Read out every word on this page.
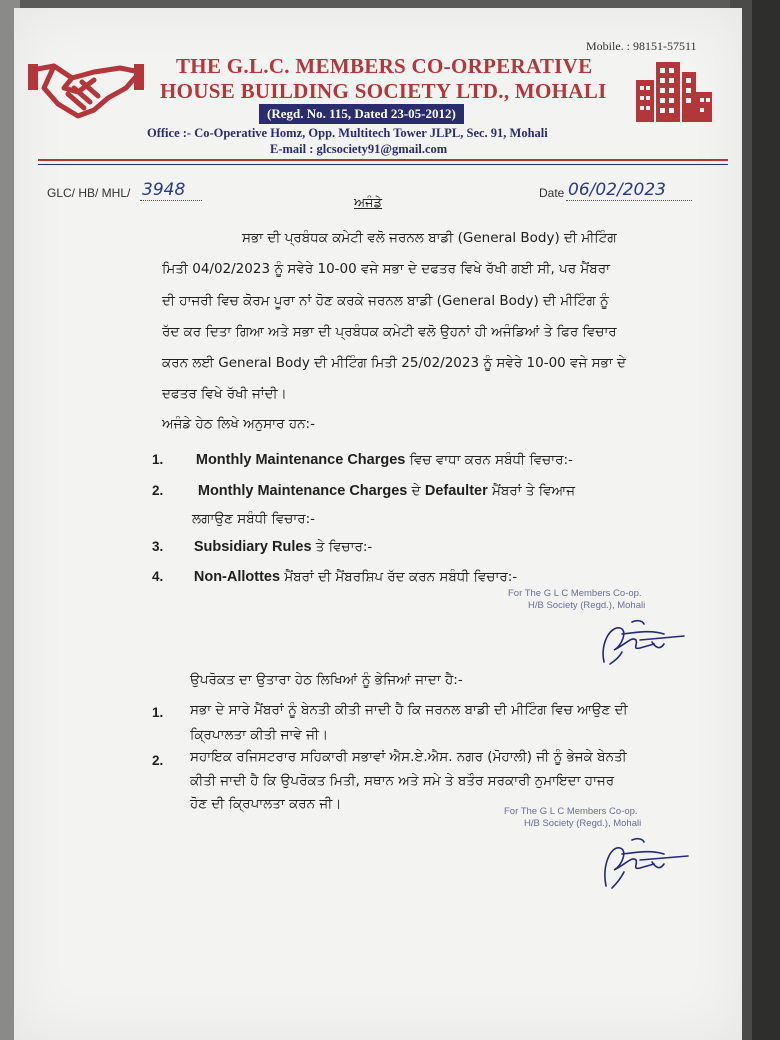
Mobile. : 98151-57511
THE G.L.C. MEMBERS CO-ORPERATIVE
HOUSE BUILDING SOCIETY LTD., MOHALI
(Regd. No. 115, Dated 23-05-2012)
Office :- Co-Operative Homz, Opp. Multitech Tower JLPL, Sec. 91, Mohali
E-mail : glcsociety91@gmail.com
GLC/ HB/ MHL/ 3948	Date 06/02/2023
ਅਜੰਡੇ
ਸਭਾ ਦੀ ਪ੍ਰਬੰਧਕ ਕਮੇਟੀ ਵਲੋ ਜਰਨਲ ਬਾਡੀ (General Body) ਦੀ ਮੀਟਿੰਗ
ਮਿਤੀ 04/02/2023 ਨੂੰ ਸਵੇਰੇ 10-00 ਵਜੇ ਸਭਾ ਦੇ ਦਫਤਰ ਵਿਖੇ ਰੱਖੀ ਗਈ ਸੀ, ਪਰ ਮੈਂਬਰਾ
ਦੀ ਹਾਜਰੀ ਵਿਚ ਕੋਰਮ ਪੂਰਾ ਨਾਂ ਹੋਣ ਕਰਕੇ ਜਰਨਲ ਬਾਡੀ (General Body) ਦੀ ਮੀਟਿੰਗ ਨੂੰ
ਰੱਦ ਕਰ ਦਿਤਾ ਗਿਆ ਅਤੇ ਸਭਾ ਦੀ ਪ੍ਰਬੰਧਕ ਕਮੇਟੀ ਵਲੋ ਉਹਨਾਂ ਹੀ ਅਜੰਡਿਆਂ ਤੇ ਫਿਰ ਵਿਚਾਰ
ਕਰਨ ਲਈ General Body ਦੀ ਮੀਟਿੰਗ ਮਿਤੀ 25/02/2023 ਨੂੰ ਸਵੇਰੇ 10-00 ਵਜੇ ਸਭਾ ਦੇ
ਦਫਤਰ ਵਿਖੇ ਰੱਖੀ ਜਾਂਦੀ।
ਅਜੰਡੇ ਹੇਠ ਲਿਖੇ ਅਨੁਸਾਰ ਹਨ:-
1. Monthly Maintenance Charges ਵਿਚ ਵਾਧਾ ਕਰਨ ਸਬੰਧੀ ਵਿਚਾਰ:-
2. Monthly Maintenance Charges ਦੇ Defaulter ਮੈਂਬਰਾਂ ਤੇ ਵਿਆਜ
ਲਗਾਉਣ ਸਬੰਧੀ ਵਿਚਾਰ:-
3. Subsidiary Rules ਤੇ ਵਿਚਾਰ:-
4. Non-Allottes ਮੈਂਬਰਾਂ ਦੀ ਮੈਂਬਰਸ਼ਿਪ ਰੱਦ ਕਰਨ ਸਬੰਧੀ ਵਿਚਾਰ:-
For The G L C Members Co-op.
H/B Society (Regd.), Mohali
ਉਪਰੋਕਤ ਦਾ ਉਤਾਰਾ ਹੇਠ ਲਿਖਿਆਂ ਨੂੰ ਭੇਜਿਆਂ ਜਾਦਾ ਹੈ:-
1. ਸਭਾ ਦੇ ਸਾਰੇ ਮੈਂਬਰਾਂ ਨੂੰ ਬੇਨਤੀ ਕੀਤੀ ਜਾਦੀ ਹੈ ਕਿ ਜਰਨਲ ਬਾਡੀ ਦੀ ਮੀਟਿੰਗ ਵਿਚ ਆਉਣ ਦੀ
ਕ੍ਰਿਪਾਲਤਾ ਕੀਤੀ ਜਾਵੇ ਜੀ।
2. ਸਹਾਇਕ ਰਜਿਸਟਰਾਰ ਸਹਿਕਾਰੀ ਸਭਾਵਾਂ ਐਸ.ਏ.ਐਸ. ਨਗਰ (ਮੋਹਾਲੀ) ਜੀ ਨੂੰ ਭੇਜਕੇ ਬੇਨਤੀ
ਕੀਤੀ ਜਾਦੀ ਹੈ ਕਿ ਉਪਰੋਕਤ ਮਿਤੀ, ਸਥਾਨ ਅਤੇ ਸਮੇ ਤੇ ਬਤੌਰ ਸਰਕਾਰੀ ਨੁਮਾਇਦਾ ਹਾਜਰ
ਹੋਣ ਦੀ ਕ੍ਰਿਪਾਲਤਾ ਕਰਨ ਜੀ।	For The G L C Members Co-op.
H/B Society (Regd.), Mohali
